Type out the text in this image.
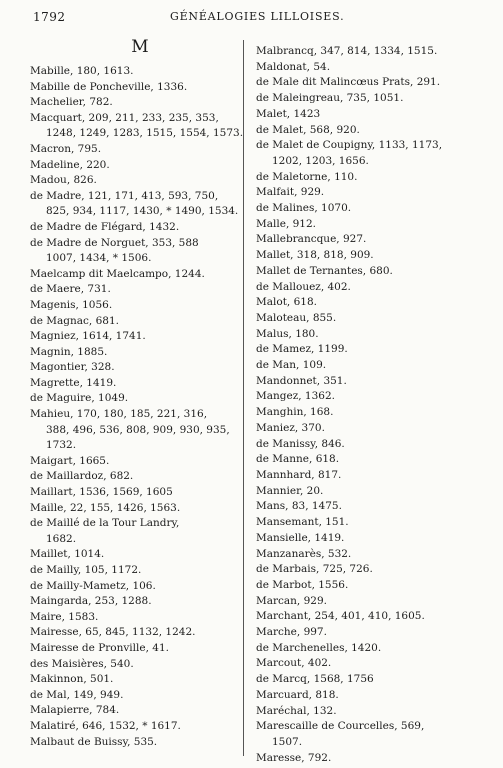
1792	GÉNÉALOGIES LILLOISES.
M
Mabille, 180, 1613.
Mabille de Poncheville, 1336.
Machelier, 782.
Macquart, 209, 211, 233, 235, 353,
1248, 1249, 1283, 1515, 1554, 1573.
Macron, 795.
Madeline, 220.
Madou, 826.
de Madre, 121, 171, 413, 593, 750,
825, 934, 1117, 1430, * 1490, 1534.
de Madre de Flégard, 1432.
de Madre de Norguet, 353, 588
1007, 1434, * 1506.
Maelcamp dit Maelcampo, 1244.
de Maere, 731.
Magenis, 1056.
de Magnac, 681.
Magniez, 1614, 1741.
Magnin, 1885.
Magontier, 328.
Magrette, 1419.
de Maguire, 1049.
Mahieu, 170, 180, 185, 221, 316,
388, 496, 536, 808, 909, 930, 935,
1732.
Maigart, 1665.
de Maillardoz, 682.
Maillart, 1536, 1569, 1605
Maille, 22, 155, 1426, 1563.
de Maillé de la Tour Landry,
1682.
Maillet, 1014.
de Mailly, 105, 1172.
de Mailly-Mametz, 106.
Maingarda, 253, 1288.
Maire, 1583.
Mairesse, 65, 845, 1132, 1242.
Mairesse de Pronville, 41.
des Maisières, 540.
Makinnon, 501.
de Mal, 149, 949.
Malapierre, 784.
Malatiré, 646, 1532, * 1617.
Malbaut de Buissy, 535.
Malbrancq, 347, 814, 1334, 1515.
Maldonat, 54.
de Male dit Malincœus Prats, 291.
de Maleingreau, 735, 1051.
Malet, 1423
de Malet, 568, 920.
de Malet de Coupigny, 1133, 1173,
1202, 1203, 1656.
de Maletorne, 110.
Malfait, 929.
de Malines, 1070.
Malle, 912.
Mallebrancque, 927.
Mallet, 318, 818, 909.
Mallet de Ternantes, 680.
de Mallouez, 402.
Malot, 618.
Maloteau, 855.
Malus, 180.
de Mamez, 1199.
de Man, 109.
Mandonnet, 351.
Mangez, 1362.
Manghin, 168.
Maniez, 370.
de Manissy, 846.
de Manne, 618.
Mannhard, 817.
Mannier, 20.
Mans, 83, 1475.
Mansemant, 151.
Mansielle, 1419.
Manzanarès, 532.
de Marbais, 725, 726.
de Marbot, 1556.
Marcan, 929.
Marchant, 254, 401, 410, 1605.
Marche, 997.
de Marchenelles, 1420.
Marcout, 402.
de Marcq, 1568, 1756
Marcuard, 818.
Maréchal, 132.
Marescaille de Courcelles, 569,
1507.
Maresse, 792.
